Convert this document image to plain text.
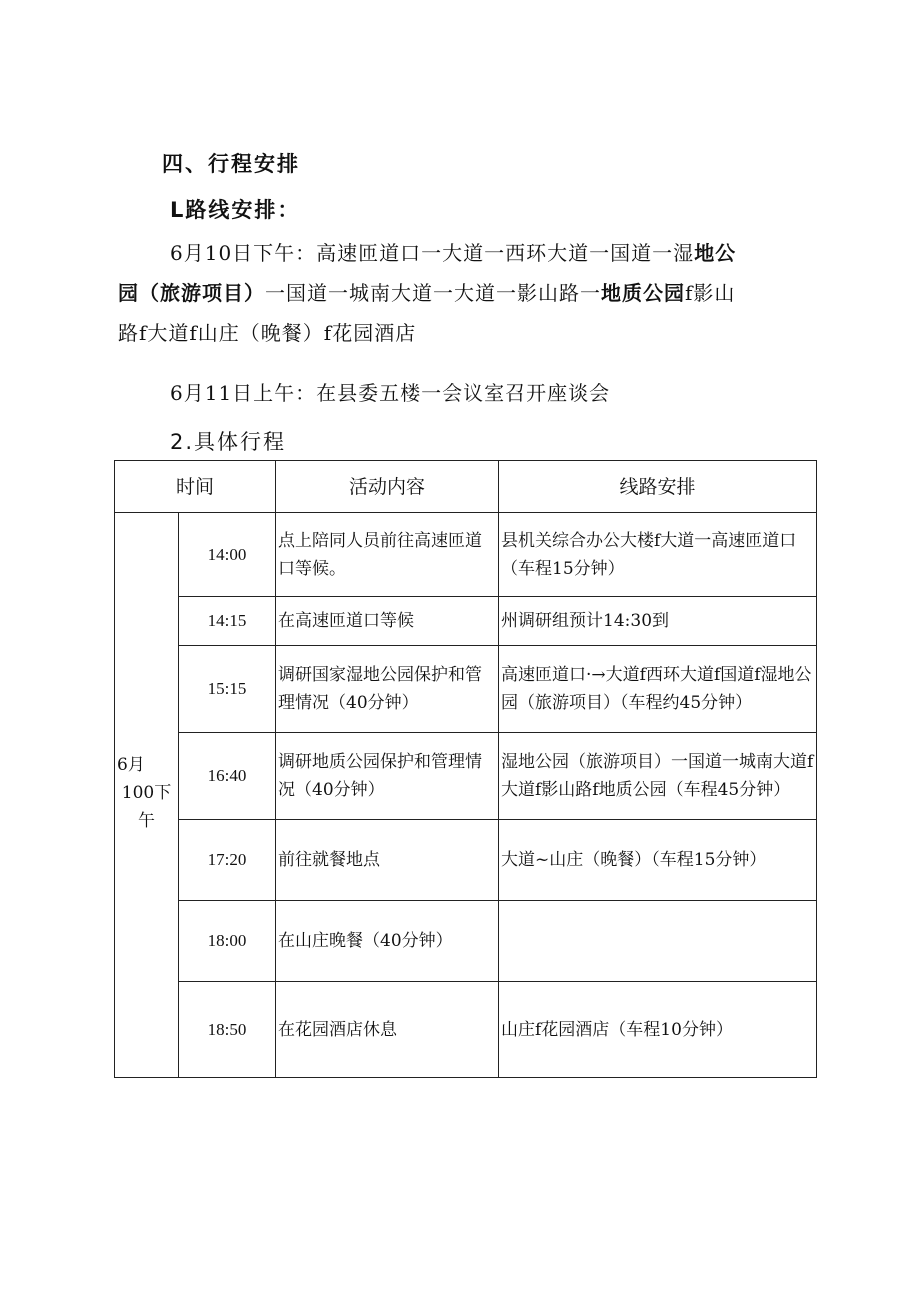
四、行程安排
L路线安排：
6月10日下午：高速匝道口一大道一西环大道一国道一湿地公
园（旅游项目）一国道一城南大道一大道一影山路一地质公园f影山
路f大道f山庄（晚餐）f花园酒店
6月11日上午：在县委五楼一会议室召开座谈会
2.具体行程
时间		活动内容	线路安排

6月
100下
午	14:00	点上陪同人员前往高速匝道口等候。	县机关综合办公大楼f大道一高速匝道口（车程15分钟）
	14:15	在高速匝道口等候	州调研组预计14:30到
	15:15	调研国家湿地公园保护和管理情况（40分钟）	高速匝道口·→大道f西环大道f国道f湿地公园（旅游项目）（车程约45分钟）
	16:40	调研地质公园保护和管理情况（40分钟）	湿地公园（旅游项目）一国道一城南大道f大道f影山路f地质公园（车程45分钟）
	17:20	前往就餐地点	大道~山庄（晚餐）（车程15分钟）
	18:00	在山庄晚餐（40分钟）	
	18:50	在花园酒店休息	山庄f花园酒店（车程10分钟）
